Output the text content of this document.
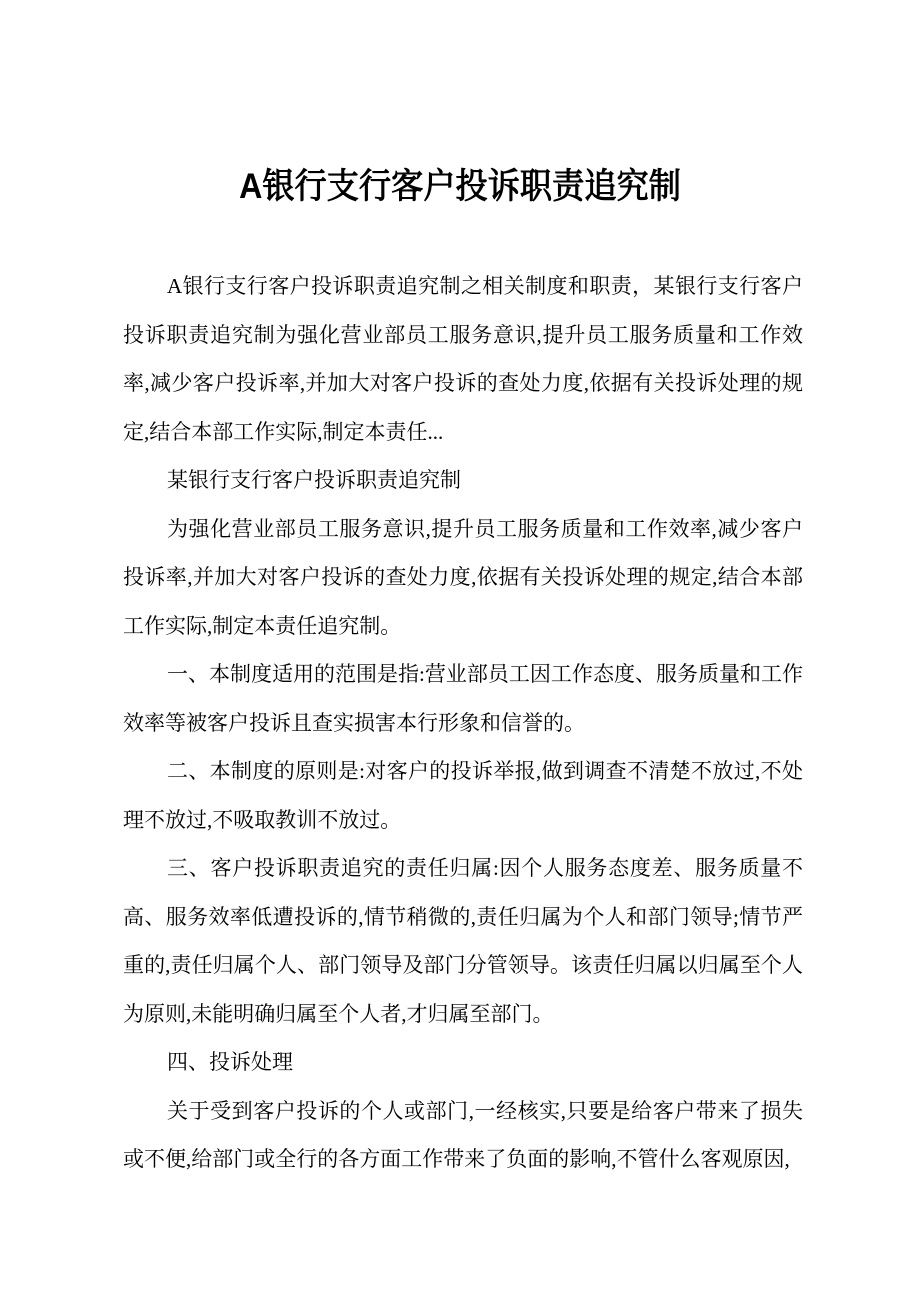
A银行支行客户投诉职责追究制

A银行支行客户投诉职责追究制之相关制度和职责，某银行支行客户投诉职责追究制为强化营业部员工服务意识,提升员工服务质量和工作效率,减少客户投诉率,并加大对客户投诉的查处力度,依据有关投诉处理的规定,结合本部工作实际,制定本责任...

某银行支行客户投诉职责追究制

为强化营业部员工服务意识,提升员工服务质量和工作效率,减少客户投诉率,并加大对客户投诉的查处力度,依据有关投诉处理的规定,结合本部工作实际,制定本责任追究制。

一、本制度适用的范围是指:营业部员工因工作态度、服务质量和工作效率等被客户投诉且查实损害本行形象和信誉的。

二、本制度的原则是:对客户的投诉举报,做到调查不清楚不放过,不处理不放过,不吸取教训不放过。

三、客户投诉职责追究的责任归属:因个人服务态度差、服务质量不高、服务效率低遭投诉的,情节稍微的,责任归属为个人和部门领导;情节严重的,责任归属个人、部门领导及部门分管领导。该责任归属以归属至个人为原则,未能明确归属至个人者,才归属至部门。

四、投诉处理

关于受到客户投诉的个人或部门,一经核实,只要是给客户带来了损失或不便,给部门或全行的各方面工作带来了负面的影响,不管什么客观原因,
